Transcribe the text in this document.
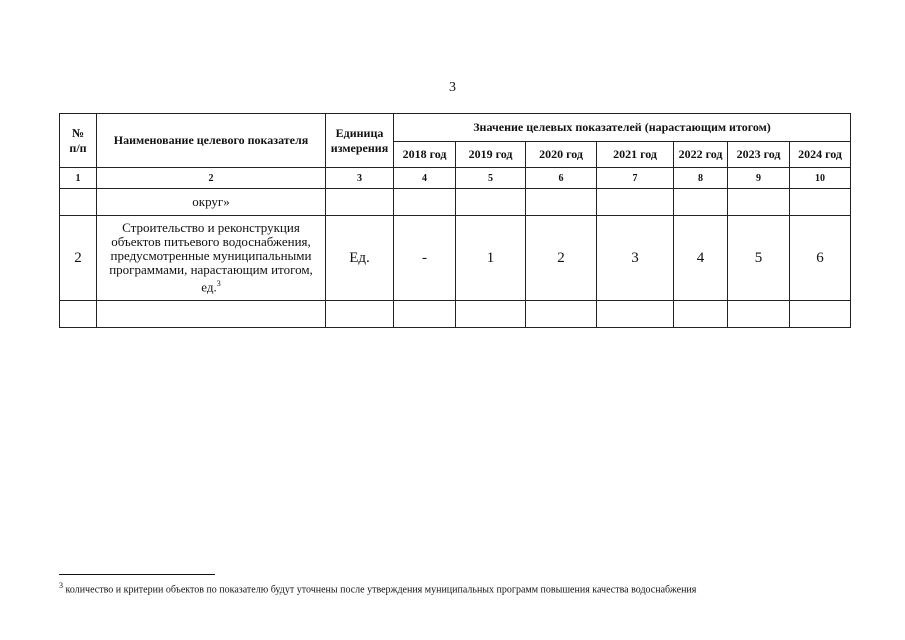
3
№
п/п	Наименование целевого показателя	Единица измерения	Значение целевых показателей (нарастающим итогом)						
			2018 год	2019 год	2020 год	2021 год	2022 год	2023 год	2024 год
1	2	3	4	5	6	7	8	9	10
	округ»								
2	Строительство и реконструкция объектов питьевого водоснабжения, предусмотренные муниципальными программами, нарастающим итогом, ед.$^3$	Ед.	-	1	2	3	4	5	6

$^3$ количество и критерии объектов по показателю будут уточнены после утверждения муниципальных программ повышения качества водоснабжения
